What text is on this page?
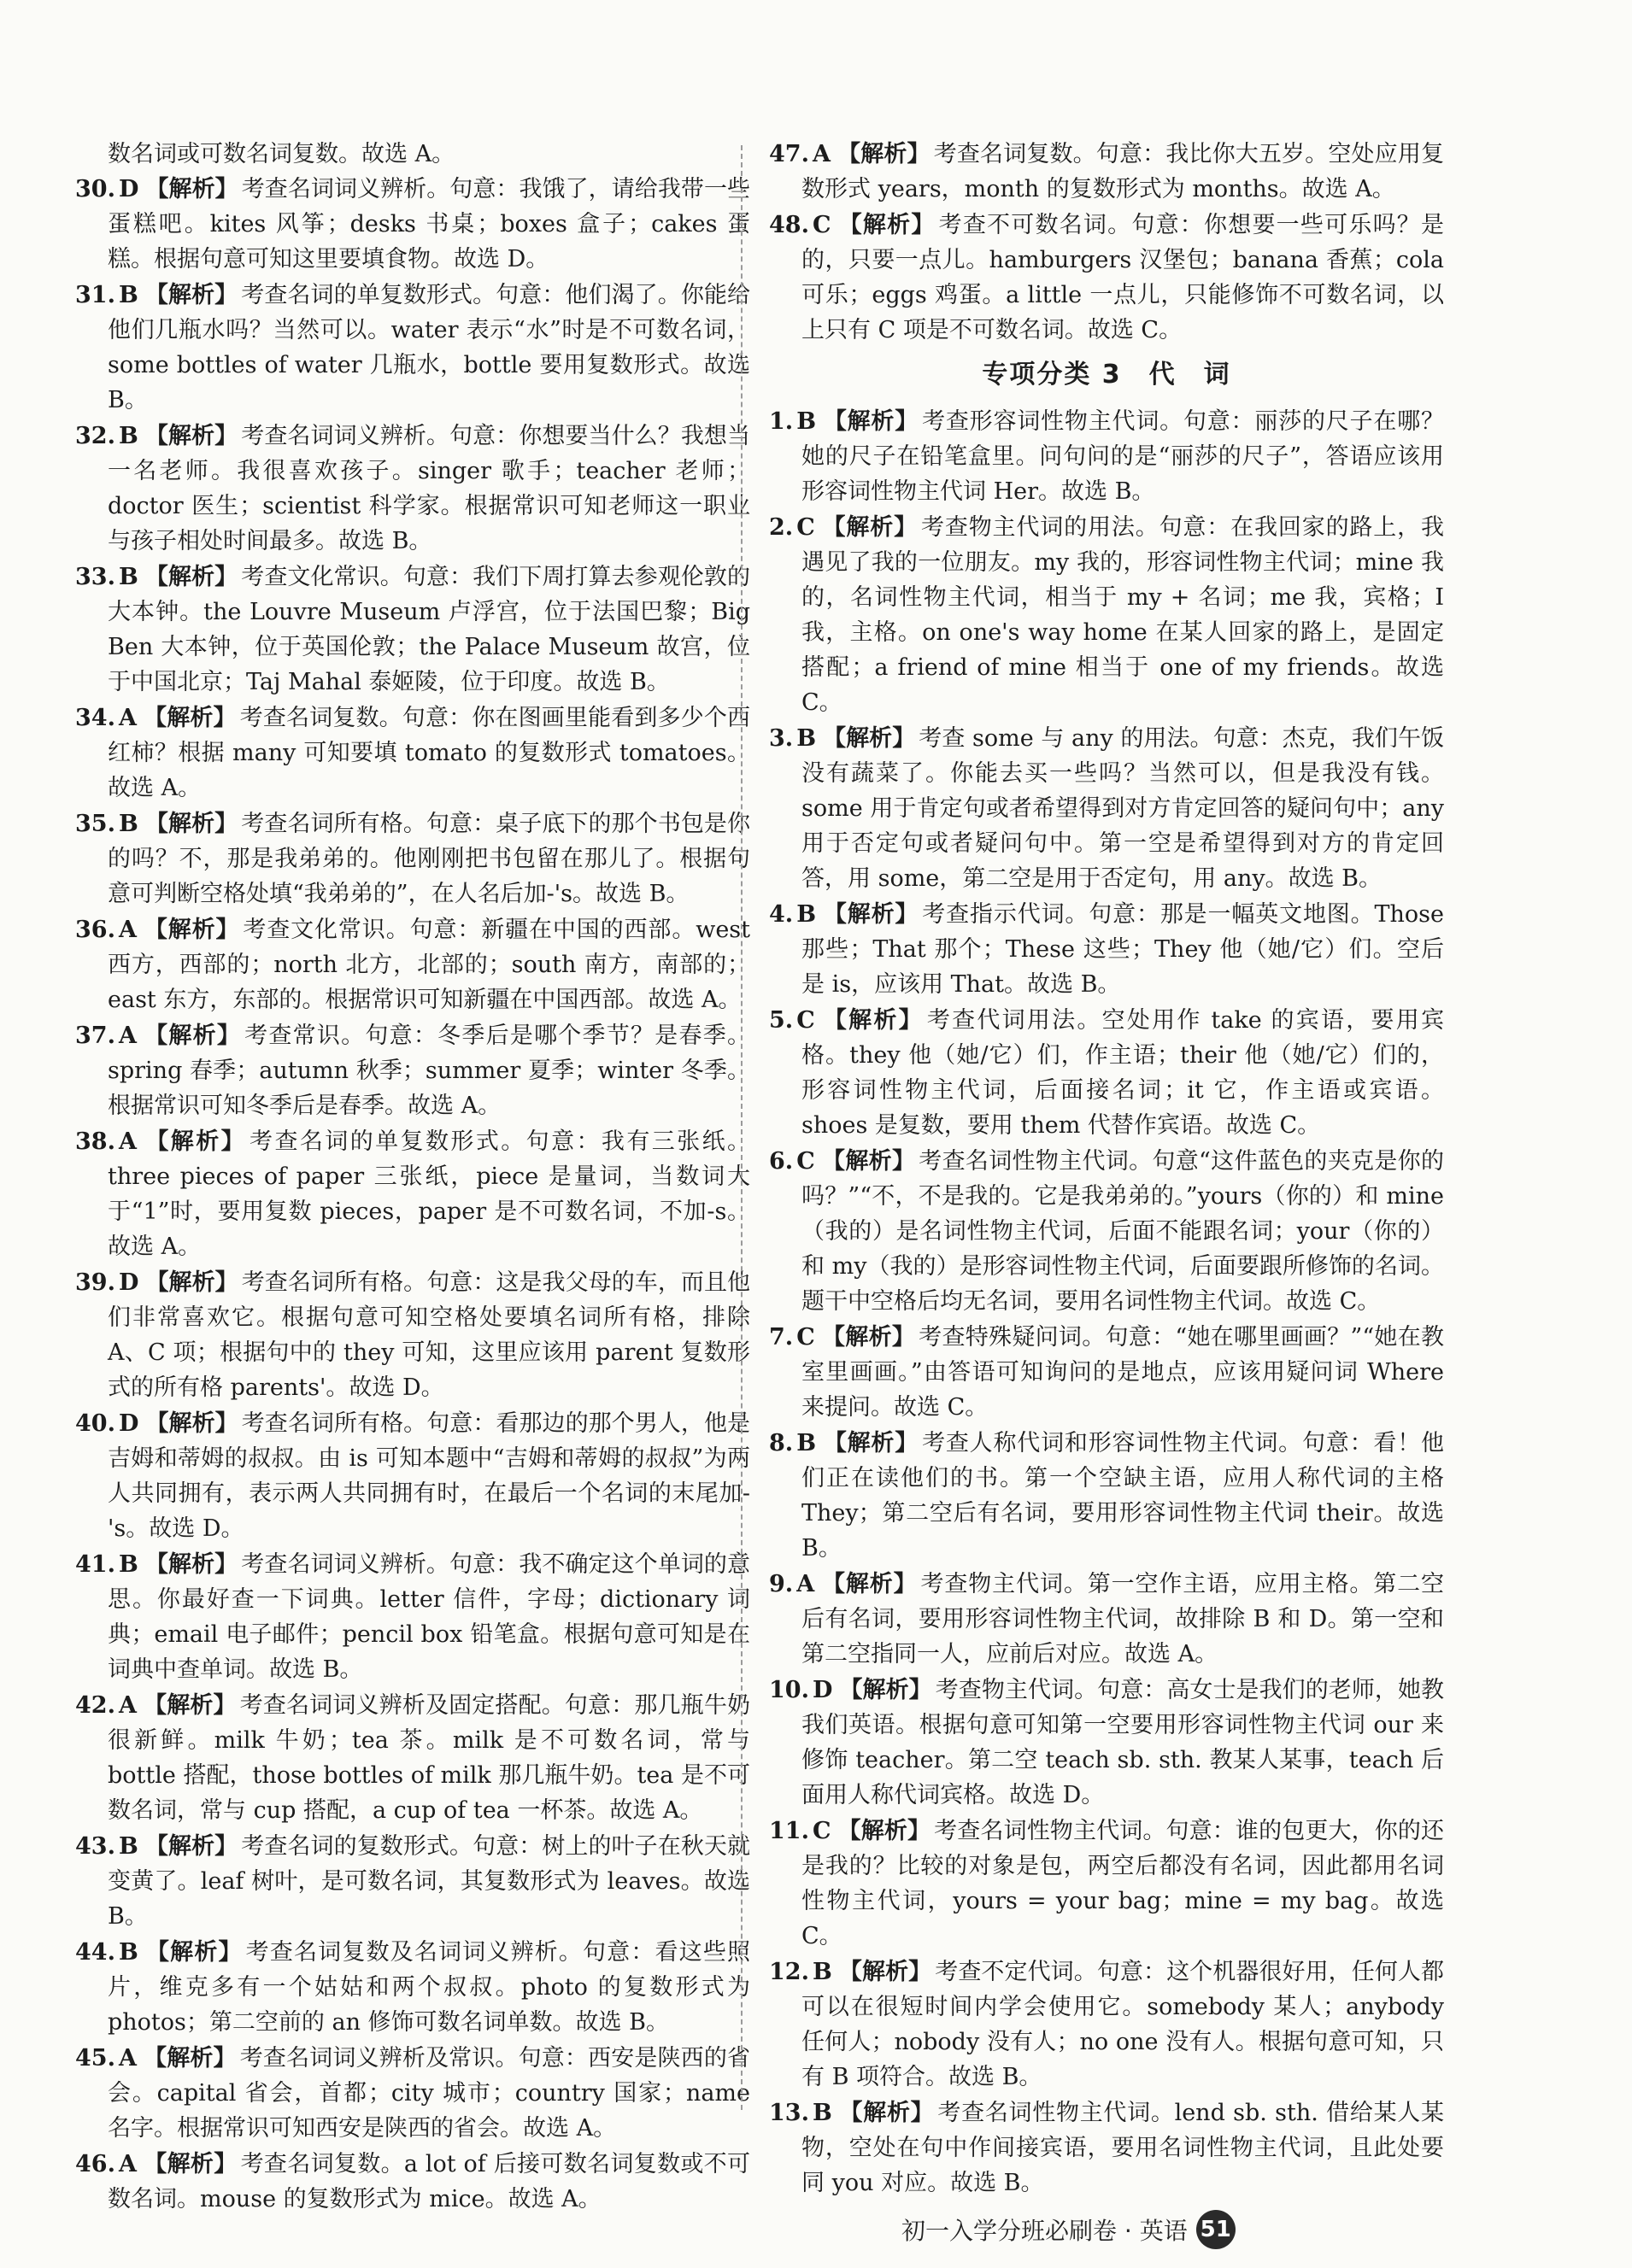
数名词或可数名词复数。故选 A。

30. D 【解析】 考查名词词义辨析。句意：我饿了，请给我带一些蛋糕吧。kites 风筝；desks 书桌；boxes 盒子；cakes 蛋糕。根据句意可知这里要填食物。故选 D。

31. B 【解析】 考查名词的单复数形式。句意：他们渴了。你能给他们几瓶水吗？当然可以。water 表示“水”时是不可数名词，some bottles of water 几瓶水，bottle 要用复数形式。故选 B。

32. B 【解析】 考查名词词义辨析。句意：你想要当什么？我想当一名老师。我很喜欢孩子。singer 歌手；teacher 老师；doctor 医生；scientist 科学家。根据常识可知老师这一职业与孩子相处时间最多。故选 B。

33. B 【解析】 考查文化常识。句意：我们下周打算去参观伦敦的大本钟。the Louvre Museum 卢浮宫，位于法国巴黎；Big Ben 大本钟，位于英国伦敦；the Palace Museum 故宫，位于中国北京；Taj Mahal 泰姬陵，位于印度。故选 B。

34. A 【解析】 考查名词复数。句意：你在图画里能看到多少个西红柿？根据 many 可知要填 tomato 的复数形式 tomatoes。故选 A。

35. B 【解析】 考查名词所有格。句意：桌子底下的那个书包是你的吗？不，那是我弟弟的。他刚刚把书包留在那儿了。根据句意可判断空格处填“我弟弟的”，在人名后加-'s。故选 B。

36. A 【解析】 考查文化常识。句意：新疆在中国的西部。west 西方，西部的；north 北方，北部的；south 南方，南部的；east 东方，东部的。根据常识可知新疆在中国西部。故选 A。

37. A 【解析】 考查常识。句意：冬季后是哪个季节？是春季。spring 春季；autumn 秋季；summer 夏季；winter 冬季。根据常识可知冬季后是春季。故选 A。

38. A 【解析】 考查名词的单复数形式。句意：我有三张纸。three pieces of paper 三张纸，piece 是量词，当数词大于“1”时，要用复数 pieces，paper 是不可数名词，不加-s。故选 A。

39. D 【解析】 考查名词所有格。句意：这是我父母的车，而且他们非常喜欢它。根据句意可知空格处要填名词所有格，排除 A、C 项；根据句中的 they 可知，这里应该用 parent 复数形式的所有格 parents'。故选 D。

40. D 【解析】 考查名词所有格。句意：看那边的那个男人，他是吉姆和蒂姆的叔叔。由 is 可知本题中“吉姆和蒂姆的叔叔”为两人共同拥有，表示两人共同拥有时，在最后一个名词的末尾加-'s。故选 D。

41. B 【解析】 考查名词词义辨析。句意：我不确定这个单词的意思。你最好查一下词典。letter 信件，字母；dictionary 词典；email 电子邮件；pencil box 铅笔盒。根据句意可知是在词典中查单词。故选 B。

42. A 【解析】 考查名词词义辨析及固定搭配。句意：那几瓶牛奶很新鲜。milk 牛奶；tea 茶。milk 是不可数名词，常与 bottle 搭配，those bottles of milk 那几瓶牛奶。tea 是不可数名词，常与 cup 搭配，a cup of tea 一杯茶。故选 A。

43. B 【解析】 考查名词的复数形式。句意：树上的叶子在秋天就变黄了。leaf 树叶，是可数名词，其复数形式为 leaves。故选 B。

44. B 【解析】 考查名词复数及名词词义辨析。句意：看这些照片，维克多有一个姑姑和两个叔叔。photo 的复数形式为 photos；第二空前的 an 修饰可数名词单数。故选 B。

45. A 【解析】 考查名词词义辨析及常识。句意：西安是陕西的省会。capital 省会，首都；city 城市；country 国家；name 名字。根据常识可知西安是陕西的省会。故选 A。

46. A 【解析】 考查名词复数。a lot of 后接可数名词复数或不可数名词。mouse 的复数形式为 mice。故选 A。

47. A 【解析】 考查名词复数。句意：我比你大五岁。空处应用复数形式 years，month 的复数形式为 months。故选 A。

48. C 【解析】 考查不可数名词。句意：你想要一些可乐吗？是的，只要一点儿。hamburgers 汉堡包；banana 香蕉；cola 可乐；eggs 鸡蛋。a little 一点儿，只能修饰不可数名词，以上只有 C 项是不可数名词。故选 C。

专项分类 3　代　词

1. B 【解析】 考查形容词性物主代词。句意：丽莎的尺子在哪？她的尺子在铅笔盒里。问句问的是“丽莎的尺子”，答语应该用形容词性物主代词 Her。故选 B。

2. C 【解析】 考查物主代词的用法。句意：在我回家的路上，我遇见了我的一位朋友。my 我的，形容词性物主代词；mine 我的，名词性物主代词，相当于 my + 名词；me 我，宾格；I 我，主格。on one's way home 在某人回家的路上，是固定搭配；a friend of mine 相当于 one of my friends。故选 C。

3. B 【解析】 考查 some 与 any 的用法。句意：杰克，我们午饭没有蔬菜了。你能去买一些吗？当然可以，但是我没有钱。some 用于肯定句或者希望得到对方肯定回答的疑问句中；any 用于否定句或者疑问句中。第一空是希望得到对方的肯定回答，用 some，第二空是用于否定句，用 any。故选 B。

4. B 【解析】 考查指示代词。句意：那是一幅英文地图。Those 那些；That 那个；These 这些；They 他（她/它）们。空后是 is，应该用 That。故选 B。

5. C 【解析】 考查代词用法。空处用作 take 的宾语，要用宾格。they 他（她/它）们，作主语；their 他（她/它）们的，形容词性物主代词，后面接名词；it 它，作主语或宾语。shoes 是复数，要用 them 代替作宾语。故选 C。

6. C 【解析】 考查名词性物主代词。句意“这件蓝色的夹克是你的吗？”“不，不是我的。它是我弟弟的。”yours（你的）和 mine（我的）是名词性物主代词，后面不能跟名词；your（你的）和 my（我的）是形容词性物主代词，后面要跟所修饰的名词。题干中空格后均无名词，要用名词性物主代词。故选 C。

7. C 【解析】 考查特殊疑问词。句意：“她在哪里画画？”“她在教室里画画。”由答语可知询问的是地点，应该用疑问词 Where 来提问。故选 C。

8. B 【解析】 考查人称代词和形容词性物主代词。句意：看！他们正在读他们的书。第一个空缺主语，应用人称代词的主格 They；第二空后有名词，要用形容词性物主代词 their。故选 B。

9. A 【解析】 考查物主代词。第一空作主语，应用主格。第二空后有名词，要用形容词性物主代词，故排除 B 和 D。第一空和第二空指同一人，应前后对应。故选 A。

10. D 【解析】 考查物主代词。句意：高女士是我们的老师，她教我们英语。根据句意可知第一空要用形容词性物主代词 our 来修饰 teacher。第二空 teach sb. sth. 教某人某事，teach 后面用人称代词宾格。故选 D。

11. C 【解析】 考查名词性物主代词。句意：谁的包更大，你的还是我的？比较的对象是包，两空后都没有名词，因此都用名词性物主代词，yours = your bag；mine = my bag。故选 C。

12. B 【解析】 考查不定代词。句意：这个机器很好用，任何人都可以在很短时间内学会使用它。somebody 某人；anybody 任何人；nobody 没有人；no one 没有人。根据句意可知，只有 B 项符合。故选 B。

13. B 【解析】 考查名词性物主代词。lend sb. sth. 借给某人某物，空处在句中作间接宾语，要用名词性物主代词，且此处要同 you 对应。故选 B。

初一入学分班必刷卷 · 英语 51
